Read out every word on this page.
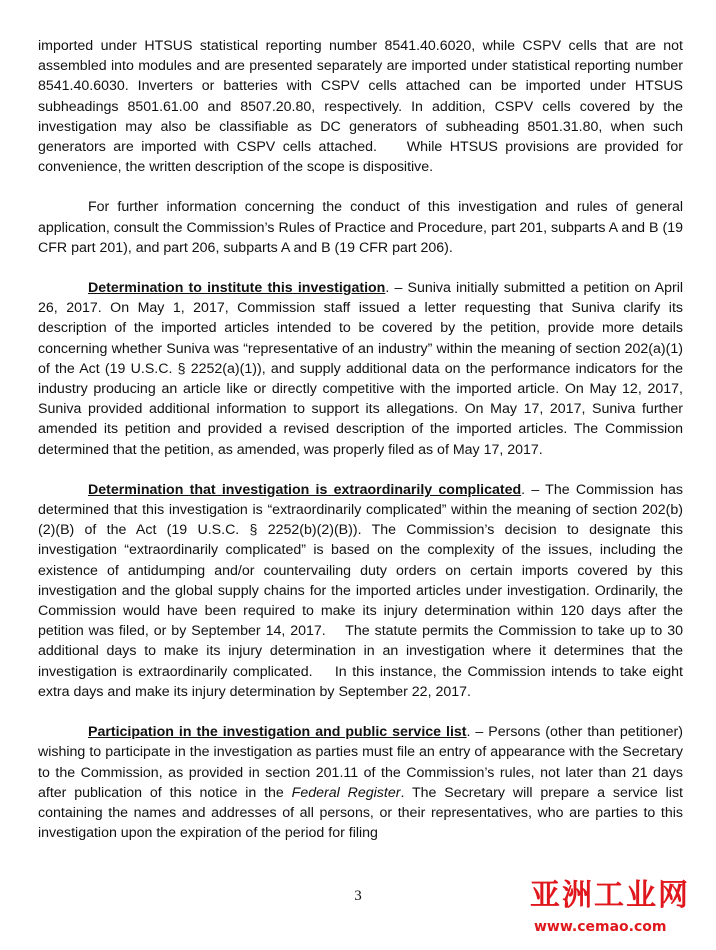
imported under HTSUS statistical reporting number 8541.40.6020, while CSPV cells that are not assembled into modules and are presented separately are imported under statistical reporting number 8541.40.6030. Inverters or batteries with CSPV cells attached can be imported under HTSUS subheadings 8501.61.00 and 8507.20.80, respectively. In addition, CSPV cells covered by the investigation may also be classifiable as DC generators of subheading 8501.31.80, when such generators are imported with CSPV cells attached.    While HTSUS provisions are provided for convenience, the written description of the scope is dispositive.

For further information concerning the conduct of this investigation and rules of general application, consult the Commission’s Rules of Practice and Procedure, part 201, subparts A and B (19 CFR part 201), and part 206, subparts A and B (19 CFR part 206).

Determination to institute this investigation. – Suniva initially submitted a petition on April 26, 2017. On May 1, 2017, Commission staff issued a letter requesting that Suniva clarify its description of the imported articles intended to be covered by the petition, provide more details concerning whether Suniva was “representative of an industry” within the meaning of section 202(a)(1) of the Act (19 U.S.C. § 2252(a)(1)), and supply additional data on the performance indicators for the industry producing an article like or directly competitive with the imported article. On May 12, 2017, Suniva provided additional information to support its allegations. On May 17, 2017, Suniva further amended its petition and provided a revised description of the imported articles. The Commission determined that the petition, as amended, was properly filed as of May 17, 2017.

Determination that investigation is extraordinarily complicated. – The Commission has determined that this investigation is “extraordinarily complicated” within the meaning of section 202(b)(2)(B) of the Act (19 U.S.C. § 2252(b)(2)(B)). The Commission’s decision to designate this investigation “extraordinarily complicated” is based on the complexity of the issues, including the existence of antidumping and/or countervailing duty orders on certain imports covered by this investigation and the global supply chains for the imported articles under investigation. Ordinarily, the Commission would have been required to make its injury determination within 120 days after the petition was filed, or by September 14, 2017.    The statute permits the Commission to take up to 30 additional days to make its injury determination in an investigation where it determines that the investigation is extraordinarily complicated.    In this instance, the Commission intends to take eight extra days and make its injury determination by September 22, 2017.

Participation in the investigation and public service list. – Persons (other than petitioner) wishing to participate in the investigation as parties must file an entry of appearance with the Secretary to the Commission, as provided in section 201.11 of the Commission’s rules, not later than 21 days after publication of this notice in the Federal Register. The Secretary will prepare a service list containing the names and addresses of all persons, or their representatives, who are parties to this investigation upon the expiration of the period for filing

3	亚洲工业网
www.cemao.com
